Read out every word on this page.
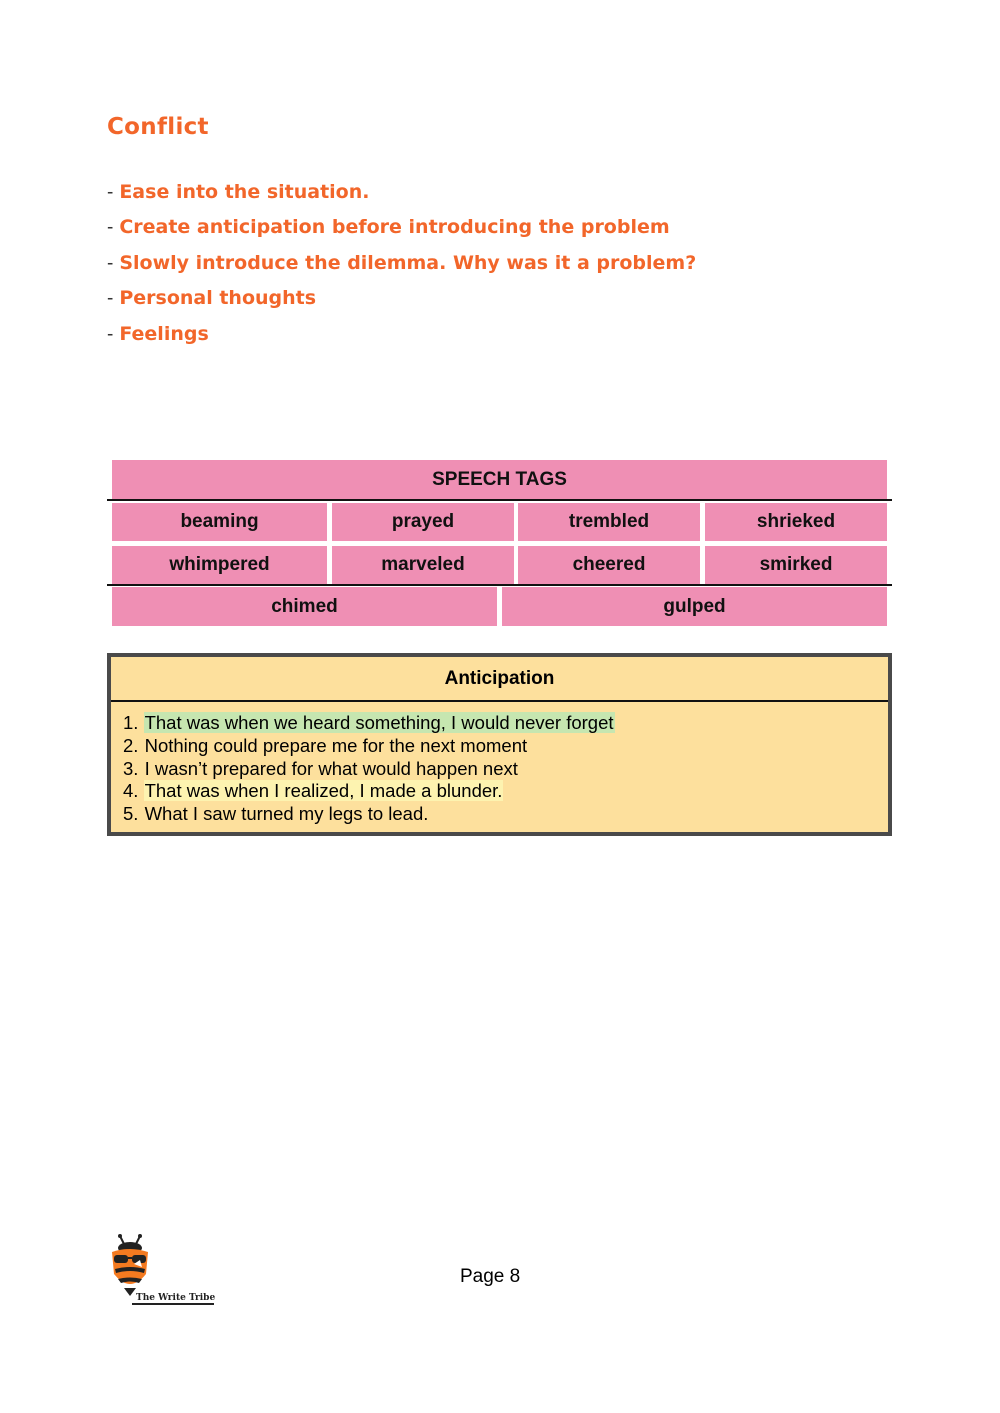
Conflict
- Ease into the situation.
- Create anticipation before introducing the problem
- Slowly introduce the dilemma. Why was it a problem?
- Personal thoughts
- Feelings
SPEECH TAGS
beaming	prayed	trembled	shrieked
whimpered	marveled	cheered	smirked
chimed	gulped
Anticipation
1. That was when we heard something, I would never forget
2. Nothing could prepare me for the next moment
3. I wasn’t prepared for what would happen next
4. That was when I realized, I made a blunder.
5. What I saw turned my legs to lead.
The Write Tribe
Page 8
